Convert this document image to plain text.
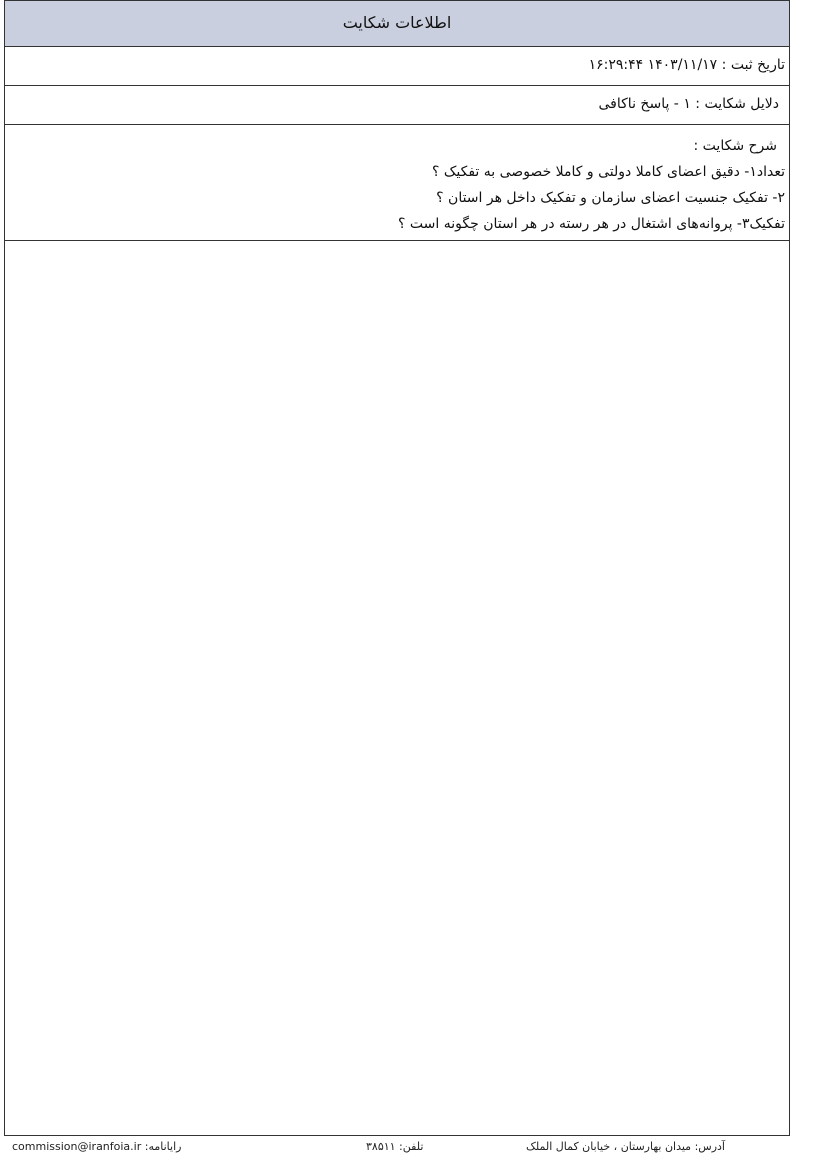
اطلاعات شکایت
تاریخ ثبت : ۱۴۰۳/۱۱/۱۷ ۱۶:۲۹:۴۴
دلایل شکایت : ۱ - پاسخ ناکافی
شرح شکایت :
تعداد۱- دقیق اعضای کاملا دولتی و کاملا خصوصی به تفکیک ؟
۲- تفکیک جنسیت اعضای سازمان و تفکیک داخل هر استان ؟
تفکیک۳- پروانه‌های اشتغال در هر رسته در هر استان چگونه است ؟
commission@iranfoia.ir :رایانامه	تلفن: ۳۸۵۱۱	آدرس: میدان بهارستان ، خیابان کمال الملک
